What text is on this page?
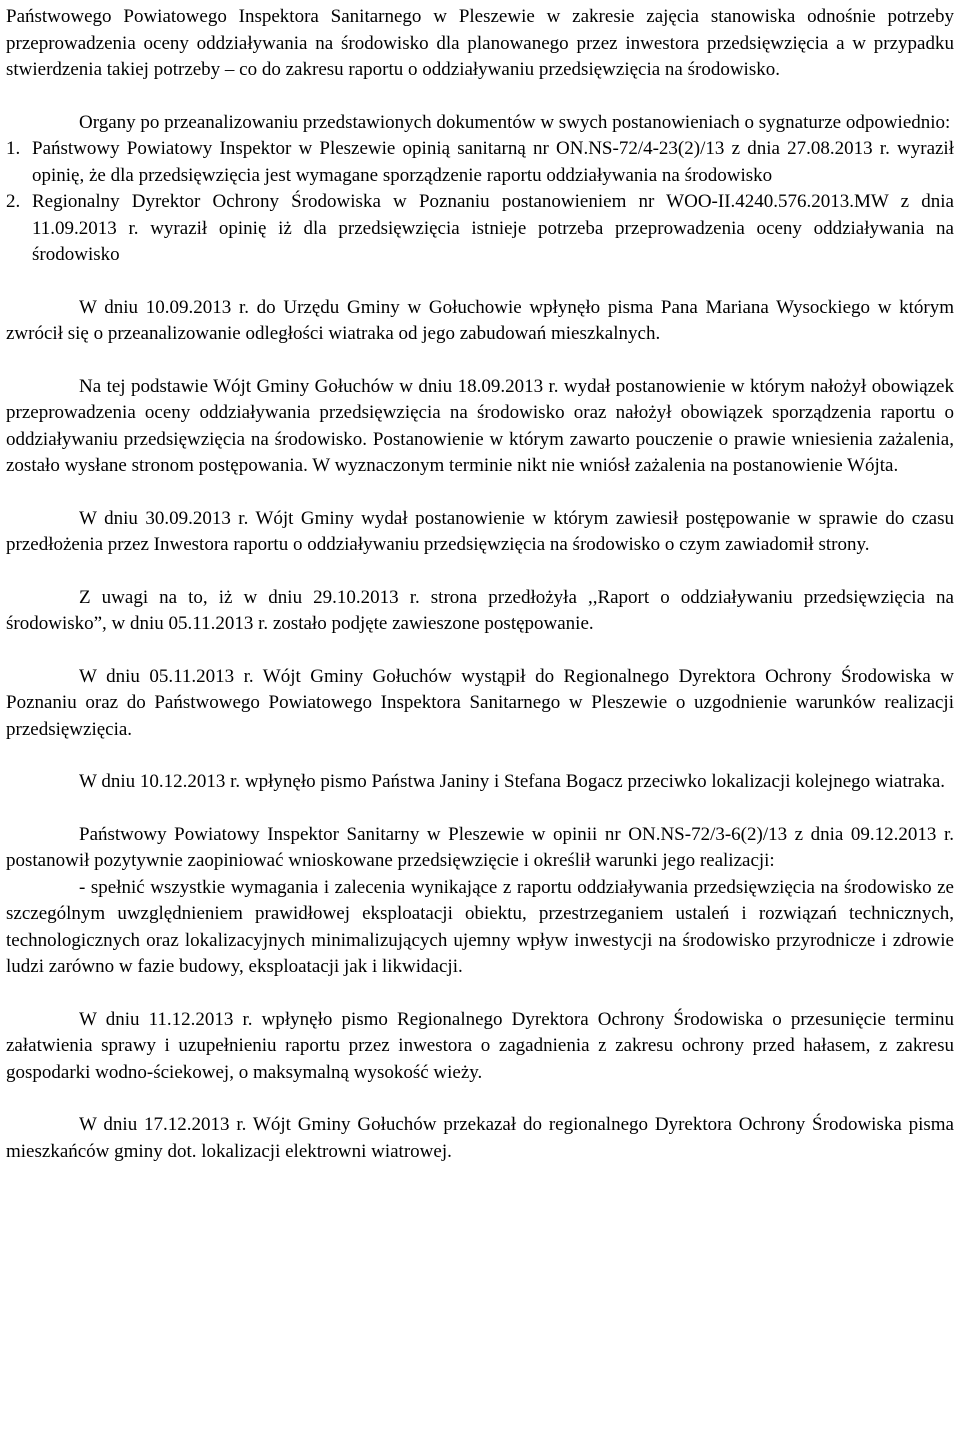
Państwowego Powiatowego Inspektora Sanitarnego w Pleszewie w zakresie zajęcia stanowiska odnośnie potrzeby przeprowadzenia oceny oddziaływania na środowisko dla planowanego przez inwestora przedsięwzięcia a w przypadku stwierdzenia takiej potrzeby – co do zakresu raportu o oddziaływaniu przedsięwzięcia na środowisko.

Organy po przeanalizowaniu przedstawionych dokumentów w swych postanowieniach o sygnaturze odpowiednio:

1. Państwowy Powiatowy Inspektor w Pleszewie opinią sanitarną nr ON.NS-72/4-23(2)/13 z dnia 27.08.2013 r. wyraził opinię, że dla przedsięwzięcia jest wymagane sporządzenie raportu oddziaływania na środowisko
2. Regionalny Dyrektor Ochrony Środowiska w Poznaniu postanowieniem nr WOO-II.4240.576.2013.MW z dnia 11.09.2013 r. wyraził opinię iż dla przedsięwzięcia istnieje potrzeba przeprowadzenia oceny oddziaływania na środowisko

W dniu 10.09.2013 r. do Urzędu Gminy w Gołuchowie wpłynęło pisma Pana Mariana Wysockiego w którym zwrócił się o przeanalizowanie odległości wiatraka od jego zabudowań mieszkalnych.

Na tej podstawie Wójt Gminy Gołuchów w dniu 18.09.2013 r. wydał postanowienie w którym nałożył obowiązek przeprowadzenia oceny oddziaływania przedsięwzięcia na środowisko oraz nałożył obowiązek sporządzenia raportu o oddziaływaniu przedsięwzięcia na środowisko. Postanowienie w którym zawarto pouczenie o prawie wniesienia zażalenia, zostało wysłane stronom postępowania. W wyznaczonym terminie nikt nie wniósł zażalenia na postanowienie Wójta.

W dniu 30.09.2013 r. Wójt Gminy wydał postanowienie w którym zawiesił postępowanie w sprawie do czasu przedłożenia przez Inwestora raportu o oddziaływaniu przedsięwzięcia na środowisko o czym zawiadomił strony.

Z uwagi na to, iż w dniu 29.10.2013 r. strona przedłożyła ,,Raport o oddziaływaniu przedsięwzięcia na środowisko”, w dniu 05.11.2013 r. zostało podjęte zawieszone postępowanie.

W dniu 05.11.2013 r. Wójt Gminy Gołuchów wystąpił do Regionalnego Dyrektora Ochrony Środowiska w Poznaniu oraz do Państwowego Powiatowego Inspektora Sanitarnego w Pleszewie o uzgodnienie warunków realizacji przedsięwzięcia.

W dniu 10.12.2013 r. wpłynęło pismo Państwa Janiny i Stefana Bogacz przeciwko lokalizacji kolejnego wiatraka.

Państwowy Powiatowy Inspektor Sanitarny w Pleszewie w opinii nr ON.NS-72/3-6(2)/13 z dnia 09.12.2013 r. postanowił pozytywnie zaopiniować wnioskowane przedsięwzięcie i określił warunki jego realizacji:

- spełnić wszystkie wymagania i zalecenia wynikające z raportu oddziaływania przedsięwzięcia na środowisko ze szczególnym uwzględnieniem prawidłowej eksploatacji obiektu, przestrzeganiem ustaleń i rozwiązań technicznych, technologicznych oraz lokalizacyjnych minimalizujących ujemny wpływ inwestycji na środowisko przyrodnicze i zdrowie ludzi zarówno w fazie budowy, eksploatacji jak i likwidacji.

W dniu 11.12.2013 r. wpłynęło pismo Regionalnego Dyrektora Ochrony Środowiska o przesunięcie terminu załatwienia sprawy i uzupełnieniu raportu przez inwestora o zagadnienia z zakresu ochrony przed hałasem, z zakresu gospodarki wodno-ściekowej, o maksymalną wysokość wieży.

W dniu 17.12.2013 r. Wójt Gminy Gołuchów przekazał do regionalnego Dyrektora Ochrony Środowiska pisma mieszkańców gminy dot. lokalizacji elektrowni wiatrowej.
